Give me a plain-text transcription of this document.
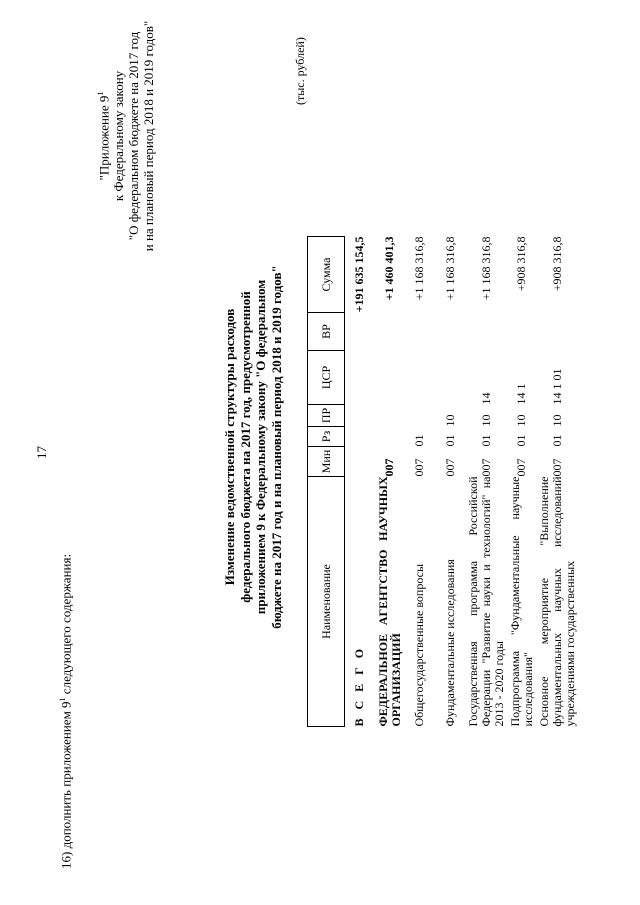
17
16) дополнить приложением $9^1$ следующего содержания:
"Приложение $9^1$ к Федеральному закону "О федеральном бюджете на 2017 год и на плановый период 2018 и 2019 годов"
Изменение ведомственной структуры расходов федерального бюджета на 2017 год, предусмотренной приложением 9 к Федеральному закону "О федеральном бюджете на 2017 год и на плановый период 2018 и 2019 годов"
(тыс. рублей)
Наименование	Мин	Рз	ПР	ЦСР	ВР	Сумма
В С Е Г О						+191 635 154,5
ФЕДЕРАЛЬНОЕ АГЕНТСТВО НАУЧНЫХ ОРГАНИЗАЦИЙ	007					+1 460 401,3
Общегосударственные вопросы	007	01				+1 168 316,8
Фундаментальные исследования	007	01	10			+1 168 316,8
Государственная программа Российской Федерации "Развитие науки и технологий" на 2013 - 2020 годы	007	01	10	14		+1 168 316,8
Подпрограмма "Фундаментальные научные исследования"	007	01	10	14 1		+908 316,8
Основное мероприятие "Выполнение фундаментальных научных исследований учреждениями государственных	007	01	10	14 1 01		+908 316,8
